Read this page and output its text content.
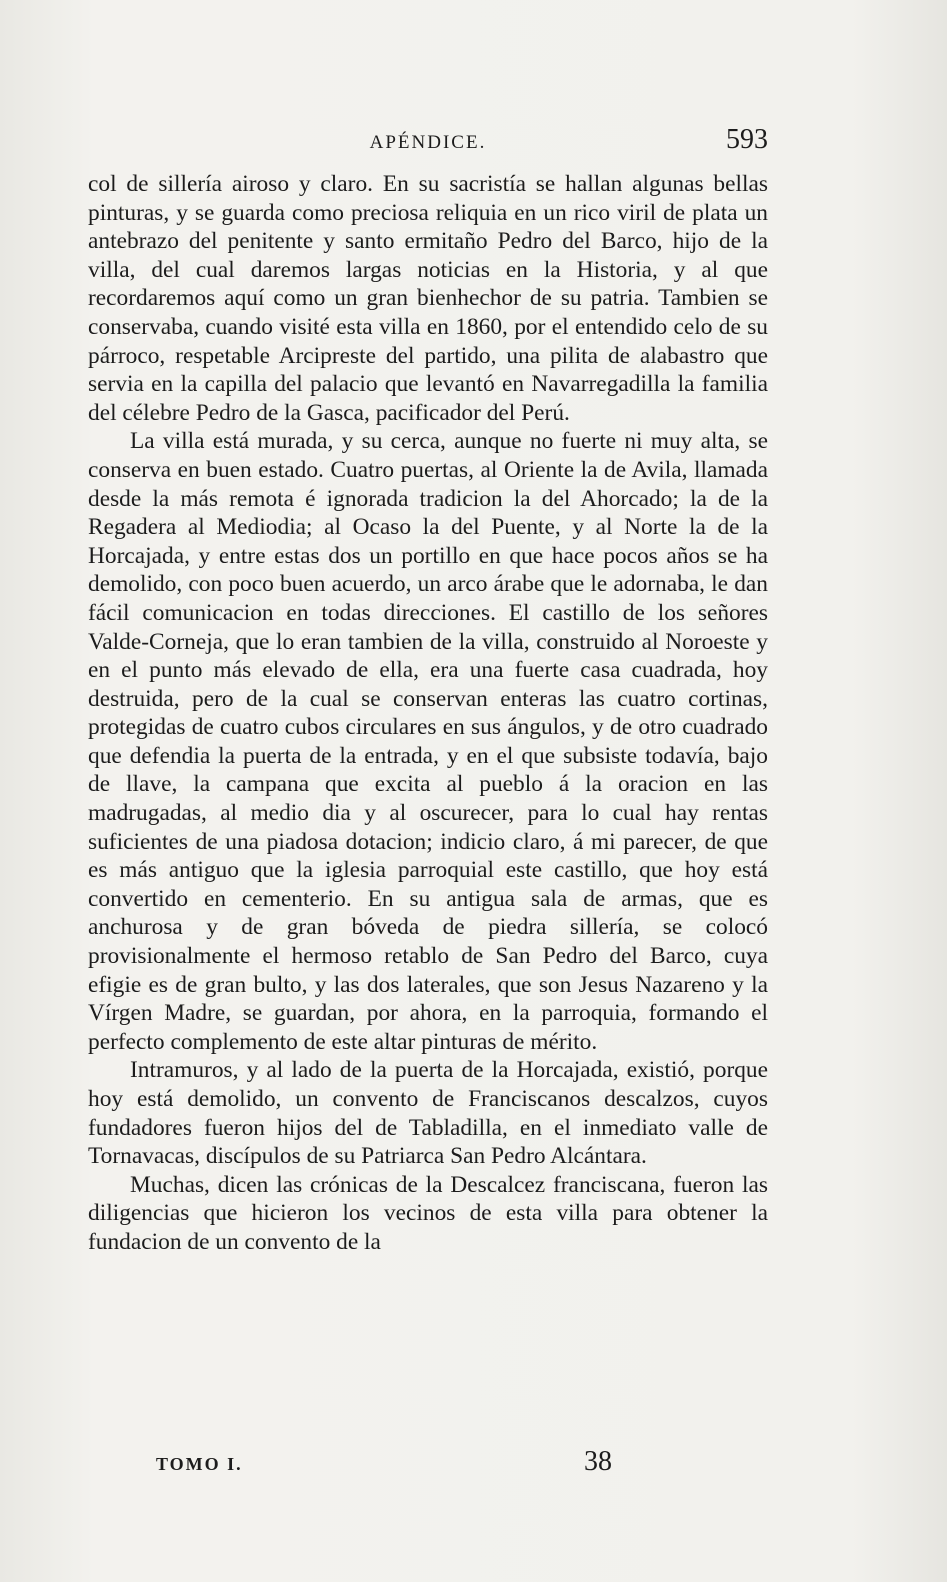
APÉNDICE.	593

col de sillería airoso y claro. En su sacristía se hallan algunas bellas pinturas, y se guarda como preciosa reliquia en un rico viril de plata un antebrazo del penitente y santo ermitaño Pedro del Barco, hijo de la villa, del cual daremos largas noticias en la Historia, y al que recordaremos aquí como un gran bienhechor de su patria. Tambien se conservaba, cuando visité esta villa en 1860, por el entendido celo de su párroco, respetable Arcipreste del partido, una pilita de alabastro que servia en la capilla del palacio que levantó en Navarregadilla la familia del célebre Pedro de la Gasca, pacificador del Perú.

La villa está murada, y su cerca, aunque no fuerte ni muy alta, se conserva en buen estado. Cuatro puertas, al Oriente la de Avila, llamada desde la más remota é ignorada tradicion la del Ahorcado; la de la Regadera al Mediodia; al Ocaso la del Puente, y al Norte la de la Horcajada, y entre estas dos un portillo en que hace pocos años se ha demolido, con poco buen acuerdo, un arco árabe que le adornaba, le dan fácil comunicacion en todas direcciones. El castillo de los señores Valde-Corneja, que lo eran tambien de la villa, construido al Noroeste y en el punto más elevado de ella, era una fuerte casa cuadrada, hoy destruida, pero de la cual se conservan enteras las cuatro cortinas, protegidas de cuatro cubos circulares en sus ángulos, y de otro cuadrado que defendia la puerta de la entrada, y en el que subsiste todavía, bajo de llave, la campana que excita al pueblo á la oracion en las madrugadas, al medio dia y al oscurecer, para lo cual hay rentas suficientes de una piadosa dotacion; indicio claro, á mi parecer, de que es más antiguo que la iglesia parroquial este castillo, que hoy está convertido en cementerio. En su antigua sala de armas, que es anchurosa y de gran bóveda de piedra sillería, se colocó provisionalmente el hermoso retablo de San Pedro del Barco, cuya efigie es de gran bulto, y las dos laterales, que son Jesus Nazareno y la Vírgen Madre, se guardan, por ahora, en la parroquia, formando el perfecto complemento de este altar pinturas de mérito.

Intramuros, y al lado de la puerta de la Horcajada, existió, porque hoy está demolido, un convento de Franciscanos descalzos, cuyos fundadores fueron hijos del de Tabladilla, en el inmediato valle de Tornavacas, discípulos de su Patriarca San Pedro Alcántara.

Muchas, dicen las crónicas de la Descalcez franciscana, fueron las diligencias que hicieron los vecinos de esta villa para obtener la fundacion de un convento de la

TOMO I.	38
